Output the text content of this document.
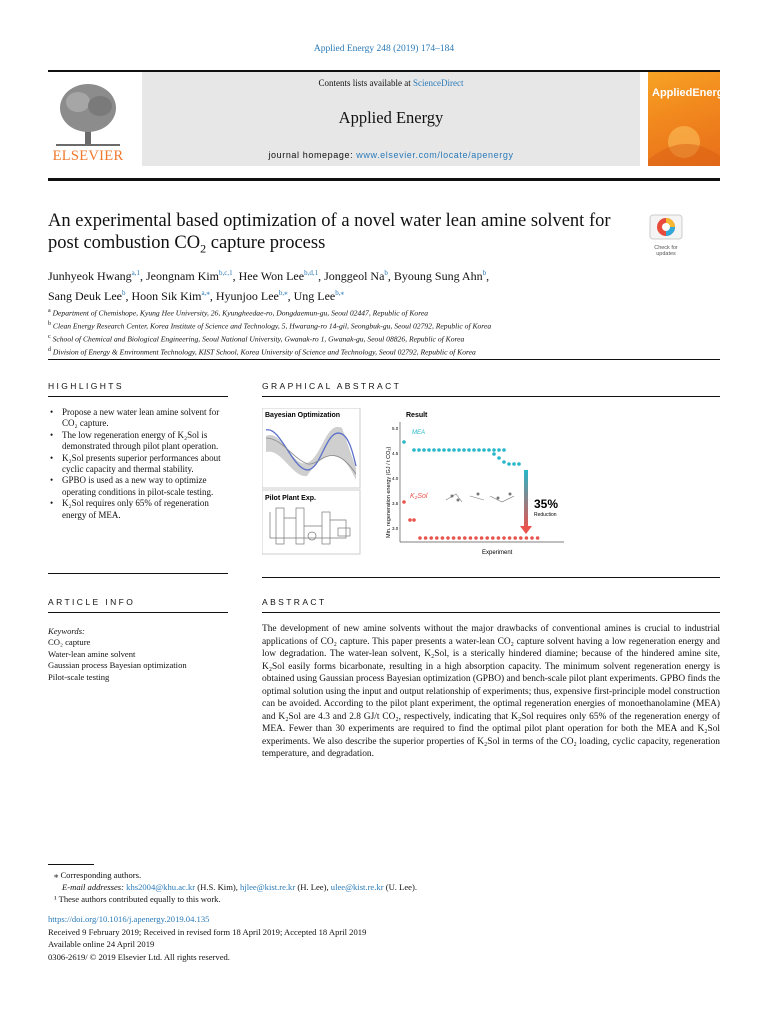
Applied Energy 248 (2019) 174–184
ELSEVIER
Contents lists available at ScienceDirect
Applied Energy
journal homepage: www.elsevier.com/locate/apenergy
AppliedEnergy
An experimental based optimization of a novel water lean amine solvent for
post combustion $CO_2$ capture process	Check for
updates
Junhyeok Hwang$^{a,1}$, Jeongnam Kim$^{b,c,1}$, Hee Won Lee$^{b,d,1}$, Jonggeol Na$^b$, Byoung Sung Ahn$^b$,
Sang Deuk Lee$^b$, Hoon Sik Kim$^{a,⁎}$, Hyunjoo Lee$^{b,⁎}$, Ung Lee$^{b,⁎}$
$^a$ Department of Chemishope, Kyung Hee University, 26, Kyungheedae-ro, Dongdaemun-gu, Seoul 02447, Republic of Korea
$^b$ Clean Energy Research Center, Korea Institute of Science and Technology, 5, Hwarang-ro 14-gil, Seongbuk-gu, Seoul 02792, Republic of Korea
$^c$ School of Chemical and Biological Engineering, Seoul National University, Gwanak-ro 1, Gwanak-gu, Seoul 08826, Republic of Korea
$^d$ Division of Energy & Environment Technology, KIST School, Korea University of Science and Technology, Seoul 02792, Republic of Korea
HIGHLIGHTS
• Propose a new water lean amine solvent for CO₂ capture.
• The low regeneration energy of K₂Sol is demonstrated through pilot plant operation.
• K₂Sol presents superior performances about cyclic capacity and thermal stability.
• GPBO is used as a new way to optimize operating conditions in pilot-scale testing.
• K₂Sol requires only 65% of regeneration energy of MEA.
GRAPHICAL ABSTRACT
Bayesian Optimization
Pilot Plant Exp.
Result
Min. regeneration energy (GJ / t CO₂)
Experiment
5.0
4.5
4.0
3.5
3.0
MEA
K₂Sol
35%
Reduction
ARTICLE INFO
Keywords:
CO₂ capture
Water-lean amine solvent
Gaussian process Bayesian optimization
Pilot-scale testing
ABSTRACT
The development of new amine solvents without the major drawbacks of conventional amines is crucial to industrial applications of CO₂ capture. This paper presents a water-lean CO₂ capture solvent having a low regeneration energy and low degradation. The water-lean solvent, K₂Sol, is a sterically hindered diamine; because of the hindered amine site, K₂Sol easily forms bicarbonate, resulting in a high absorption capacity. The minimum solvent regeneration energy is obtained using Gaussian process Bayesian optimization (GPBO) and bench-scale pilot plant experiments. GPBO finds the optimal solution using the input and output relationship of experiments; thus, expensive first-principle model construction can be avoided. According to the pilot plant experiment, the optimal regeneration energies of monoethanolamine (MEA) and K₂Sol are 4.3 and 2.8 GJ/t CO₂, respectively, indicating that K₂Sol requires only 65% of the regeneration energy of MEA. Fewer than 30 experiments are required to find the optimal pilot plant operation for both the MEA and K₂Sol experiments. We also describe the superior properties of K₂Sol in terms of the CO₂ loading, cyclic capacity, regeneration temperature, and degradation.
⁎ Corresponding authors.
E-mail addresses: khs2004@khu.ac.kr (H.S. Kim), hjlee@kist.re.kr (H. Lee), ulee@kist.re.kr (U. Lee).
¹ These authors contributed equally to this work.
https://doi.org/10.1016/j.apenergy.2019.04.135
Received 9 February 2019; Received in revised form 18 April 2019; Accepted 18 April 2019
Available online 24 April 2019
0306-2619/ © 2019 Elsevier Ltd. All rights reserved.
